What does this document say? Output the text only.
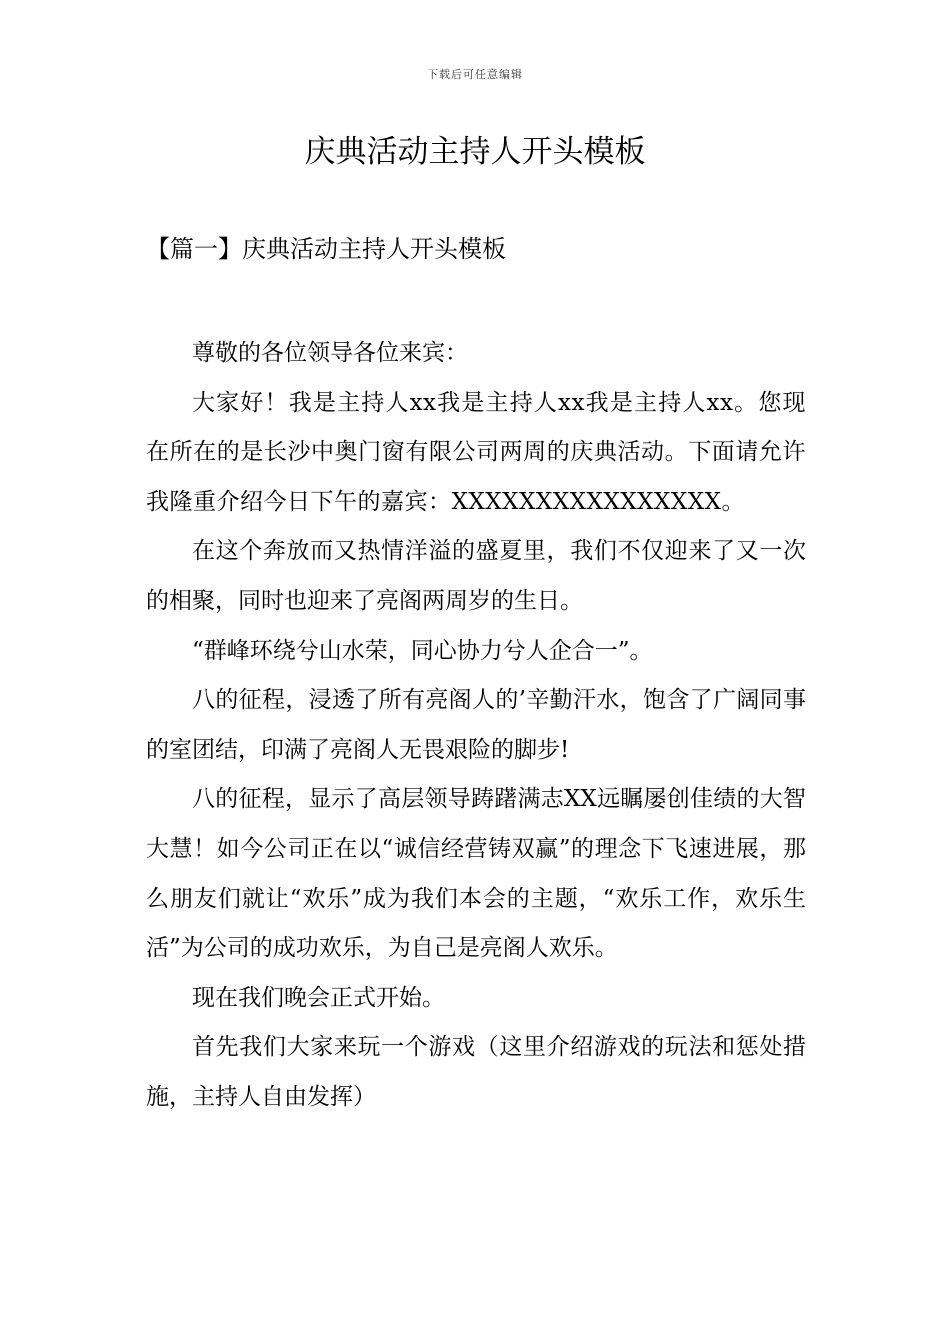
下载后可任意编辑
庆典活动主持人开头模板
【篇一】庆典活动主持人开头模板

尊敬的各位领导各位来宾：

大家好！我是主持人xx我是主持人xx我是主持人xx。您现在所在的是长沙中奥门窗有限公司两周的庆典活动。下面请允许我隆重介绍今日下午的嘉宾：XXXXXXXXXXXXXXXX。

在这个奔放而又热情洋溢的盛夏里，我们不仅迎来了又一次的相聚，同时也迎来了亮阁两周岁的生日。

“群峰环绕兮山水荣，同心协力兮人企合一”。

八的征程，浸透了所有亮阁人的’辛勤汗水，饱含了广阔同事的室团结，印满了亮阁人无畏艰险的脚步!

八的征程，显示了高层领导踌躇满志XX远瞩屡创佳绩的大智大慧！如今公司正在以“诚信经营铸双赢”的理念下飞速进展，那么朋友们就让“欢乐”成为我们本会的主题，“欢乐工作，欢乐生活”为公司的成功欢乐，为自己是亮阁人欢乐。

现在我们晚会正式开始。

首先我们大家来玩一个游戏（这里介绍游戏的玩法和惩处措施，主持人自由发挥）
